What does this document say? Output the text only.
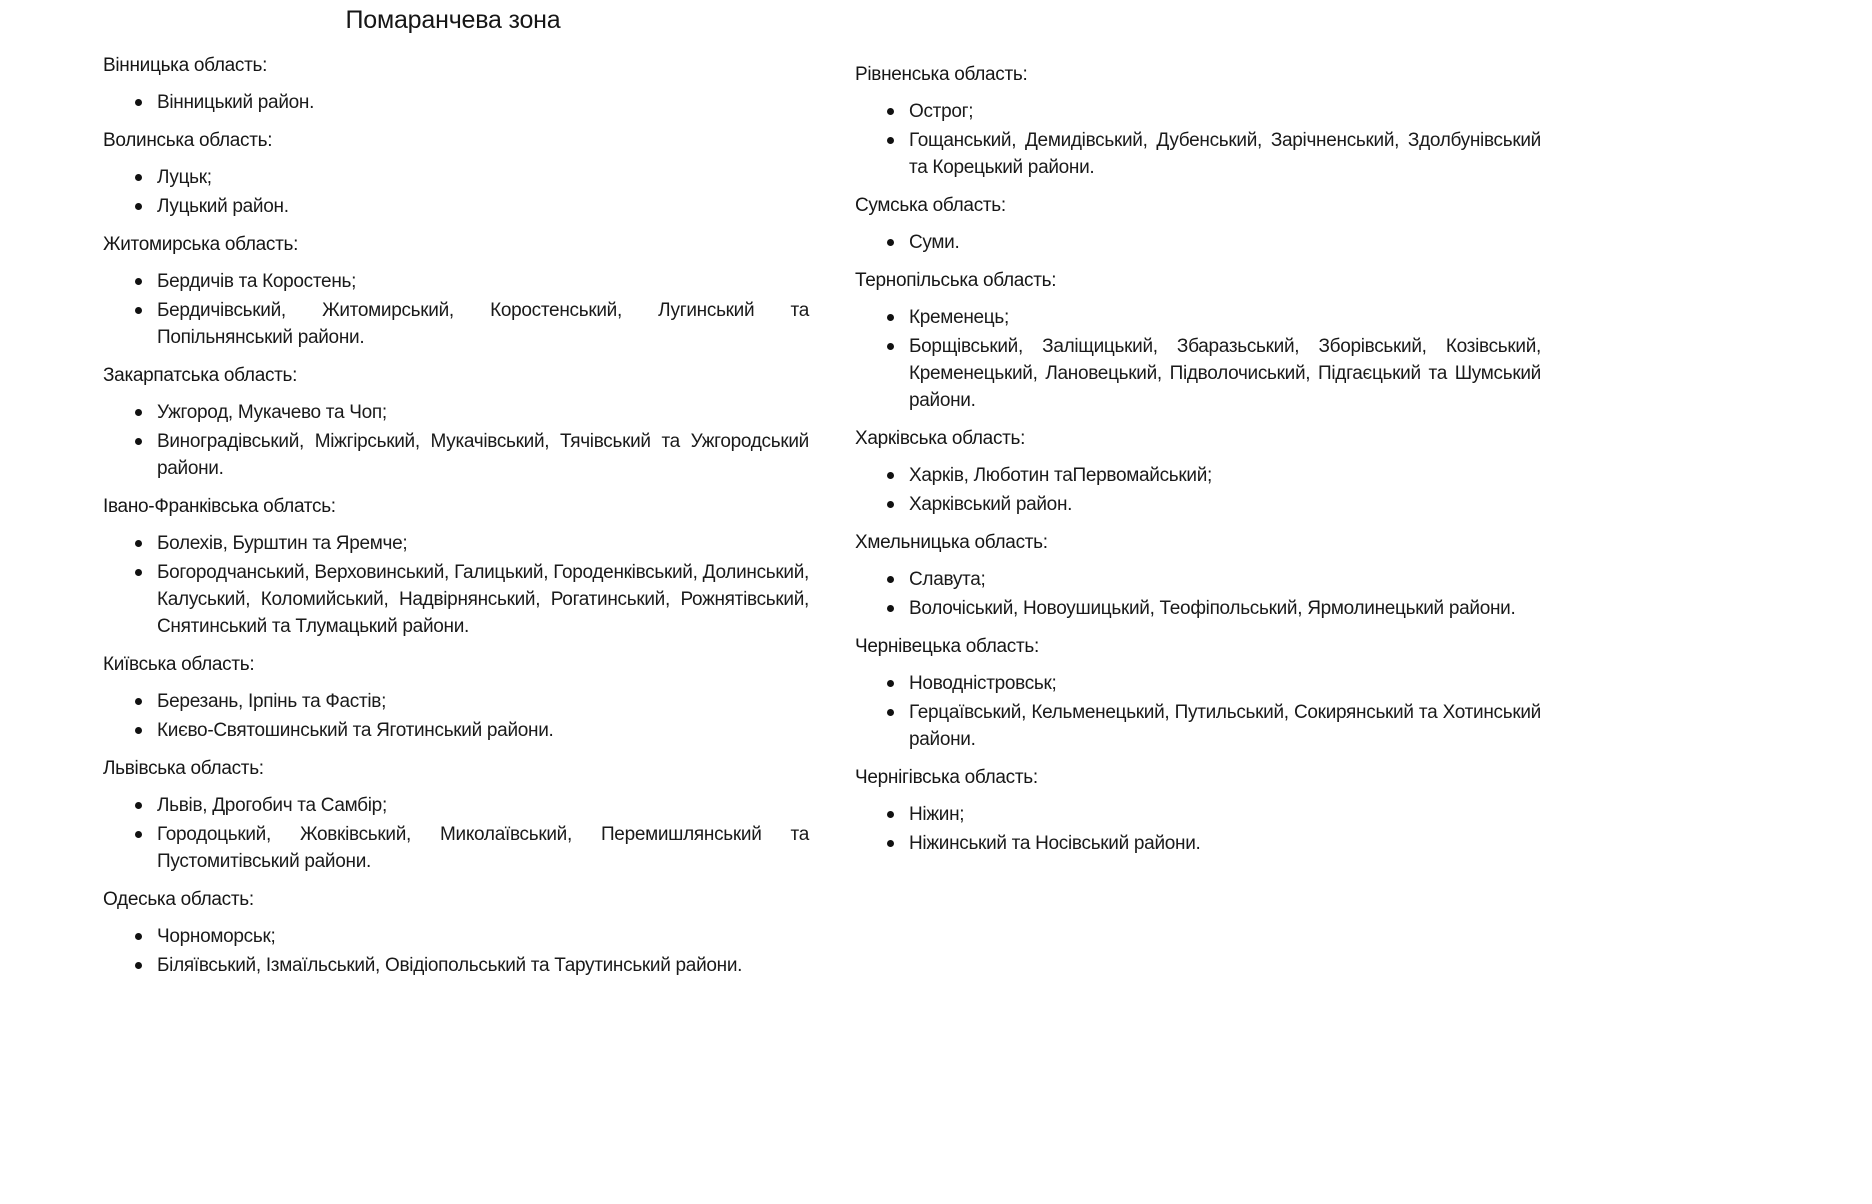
Помаранчева зона
Вінницька область:
Вінницький район.
Волинська область:
Луцьк;
Луцький район.
Житомирська область:
Бердичів та Коростень;
Бердичівський, Житомирський, Коростенський, Лугинський та Попільнянський райони.
Закарпатська область:
Ужгород, Мукачево та Чоп;
Виноградівський, Міжгірський, Мукачівський, Тячівський та Ужгородський райони.
Івано-Франківська облатсь:
Болехів, Бурштин та Яремче;
Богородчанський, Верховинський, Галицький, Городенківський, Долинський, Калуський, Коломийський, Надвірнянський, Рогатинський, Рожнятівський, Снятинський та Тлумацький райони.
Київська область:
Березань, Ірпінь та Фастів;
Києво-Святошинський та Яготинський райони.
Львівська область:
Львів, Дрогобич та Самбір;
Городоцький, Жовківський, Миколаївський, Перемишлянський та Пустомитівський райони.
Одеська область:
Чорноморськ;
Біляївський, Ізмаїльський, Овідіопольський та Тарутинський райони.
Рівненська область:
Острог;
Гощанський, Демидівський, Дубенський, Зарічненський, Здолбунівський та Корецький райони.
Сумська область:
Суми.
Тернопільська область:
Кременець;
Борщівський, Заліщицький, Збаразьський, Зборівський, Козівський, Кременецький, Лановецький, Підволочиський, Підгаєцький та Шумський райони.
Харківська область:
Харків, Люботин таПервомайський;
Харківський район.
Хмельницька область:
Славута;
Волочіський, Новоушицький, Теофіпольський, Ярмолинецький райони.
Чернівецька область:
Новодністровськ;
Герцаївський, Кельменецький, Путильський, Сокирянський та Хотинський райони.
Чернігівська область:
Ніжин;
Ніжинський та Носівський райони.
